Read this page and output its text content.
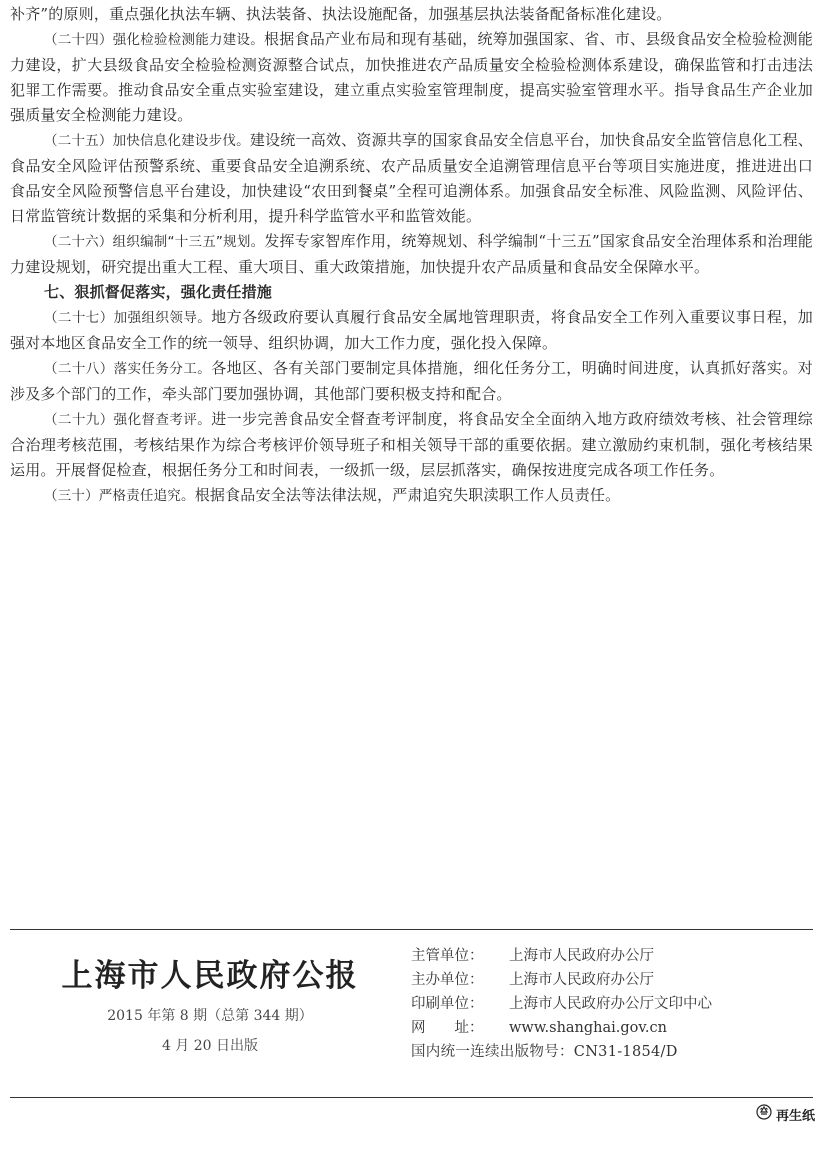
补齐”的原则，重点强化执法车辆、执法装备、执法设施配备，加强基层执法装备配备标准化建设。

（二十四）强化检验检测能力建设。根据食品产业布局和现有基础，统筹加强国家、省、市、县级食品安全检验检测能力建设，扩大县级食品安全检验检测资源整合试点，加快推进农产品质量安全检验检测体系建设，确保监管和打击违法犯罪工作需要。推动食品安全重点实验室建设，建立重点实验室管理制度，提高实验室管理水平。指导食品生产企业加强质量安全检测能力建设。

（二十五）加快信息化建设步伐。建设统一高效、资源共享的国家食品安全信息平台，加快食品安全监管信息化工程、食品安全风险评估预警系统、重要食品安全追溯系统、农产品质量安全追溯管理信息平台等项目实施进度，推进进出口食品安全风险预警信息平台建设，加快建设“农田到餐桌”全程可追溯体系。加强食品安全标准、风险监测、风险评估、日常监管统计数据的采集和分析利用，提升科学监管水平和监管效能。

（二十六）组织编制“十三五”规划。发挥专家智库作用，统筹规划、科学编制“十三五”国家食品安全治理体系和治理能力建设规划，研究提出重大工程、重大项目、重大政策措施，加快提升农产品质量和食品安全保障水平。

七、狠抓督促落实，强化责任措施

（二十七）加强组织领导。地方各级政府要认真履行食品安全属地管理职责，将食品安全工作列入重要议事日程，加强对本地区食品安全工作的统一领导、组织协调，加大工作力度，强化投入保障。

（二十八）落实任务分工。各地区、各有关部门要制定具体措施，细化任务分工，明确时间进度，认真抓好落实。对涉及多个部门的工作，牵头部门要加强协调，其他部门要积极支持和配合。

（二十九）强化督查考评。进一步完善食品安全督查考评制度，将食品安全全面纳入地方政府绩效考核、社会管理综合治理考核范围，考核结果作为综合考核评价领导班子和相关领导干部的重要依据。建立激励约束机制，强化考核结果运用。开展督促检查，根据任务分工和时间表，一级抓一级，层层抓落实，确保按进度完成各项工作任务。

（三十）严格责任追究。根据食品安全法等法律法规，严肃追究失职渎职工作人员责任。

上海市人民政府公报
2015 年第 8 期（总第 344 期）
4 月 20 日出版
主管单位：	上海市人民政府办公厅
主办单位：	上海市人民政府办公厅
印刷单位：	上海市人民政府办公厅文印中心
网　　址：	www.shanghai.gov.cn
国内统一连续出版物号：CN31-1854/D
再生纸
